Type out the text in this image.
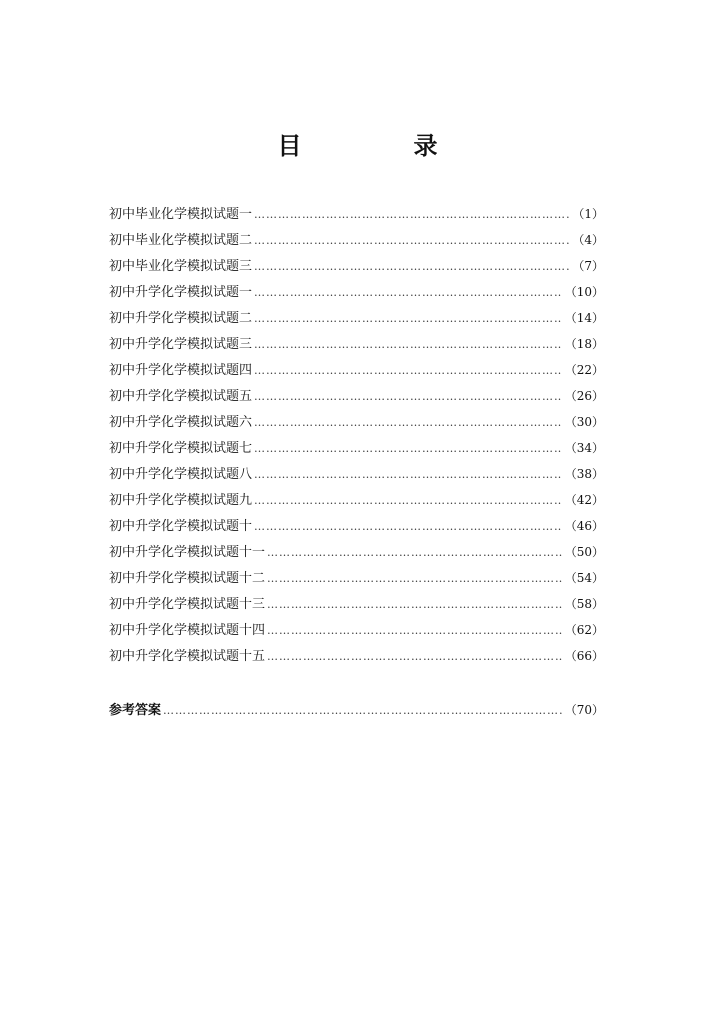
目　录
初中毕业化学模拟试题一 …………………………………………………………………………………………………………………………………………………………	（1）
初中毕业化学模拟试题二 …………………………………………………………………………………………………………………………………………………………	（4）
初中毕业化学模拟试题三 …………………………………………………………………………………………………………………………………………………………	（7）
初中升学化学模拟试题一 …………………………………………………………………………………………………………………………………………………………	（10）
初中升学化学模拟试题二 …………………………………………………………………………………………………………………………………………………………	（14）
初中升学化学模拟试题三 …………………………………………………………………………………………………………………………………………………………	（18）
初中升学化学模拟试题四 …………………………………………………………………………………………………………………………………………………………	（22）
初中升学化学模拟试题五 …………………………………………………………………………………………………………………………………………………………	（26）
初中升学化学模拟试题六 …………………………………………………………………………………………………………………………………………………………	（30）
初中升学化学模拟试题七 …………………………………………………………………………………………………………………………………………………………	（34）
初中升学化学模拟试题八 …………………………………………………………………………………………………………………………………………………………	（38）
初中升学化学模拟试题九 …………………………………………………………………………………………………………………………………………………………	（42）
初中升学化学模拟试题十 …………………………………………………………………………………………………………………………………………………………	（46）
初中升学化学模拟试题十一 …………………………………………………………………………………………………………………………………………………………	（50）
初中升学化学模拟试题十二 …………………………………………………………………………………………………………………………………………………………	（54）
初中升学化学模拟试题十三 …………………………………………………………………………………………………………………………………………………………	（58）
初中升学化学模拟试题十四 …………………………………………………………………………………………………………………………………………………………	（62）
初中升学化学模拟试题十五 …………………………………………………………………………………………………………………………………………………………	（66）
参考答案 …………………………………………………………………………………………………………………………………………………………	（70）
